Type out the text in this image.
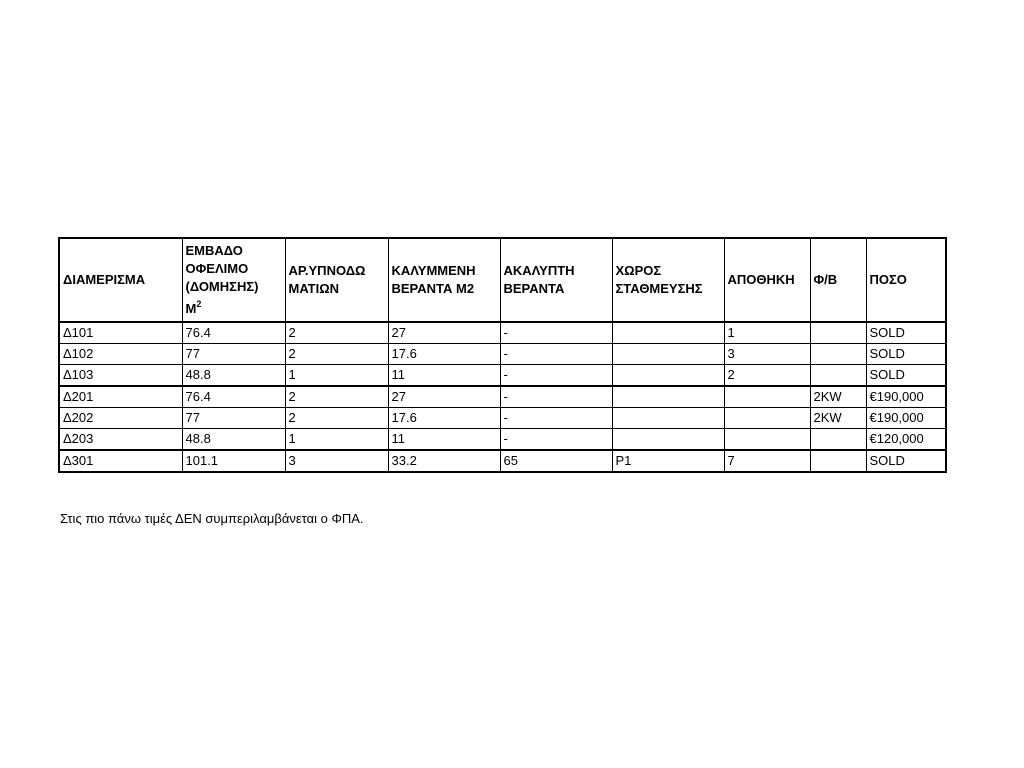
ΔΙΑΜΕΡΙΣΜΑ	ΕΜΒΑΔΟ
ΟΦΕΛΙΜΟ
(ΔΟΜΗΣΗΣ)
$M^2$	ΑΡ.ΥΠΝΟΔΩ
ΜΑΤΙΩΝ	ΚΑΛΥΜΜΕΝΗ
ΒΕΡΑΝΤΑ Μ2	ΑΚΑΛΥΠΤΗ
ΒΕΡΑΝΤΑ	ΧΩΡΟΣ
ΣΤΑΘΜΕΥΣΗΣ	ΑΠΟΘΗΚΗ	Φ/Β	ΠΟΣΟ
Δ101	76.4	2	27	-		1		SOLD
Δ102	77	2	17.6	-		3		SOLD
Δ103	48.8	1	11	-		2		SOLD
Δ201	76.4	2	27	-			2KW	€190,000
Δ202	77	2	17.6	-			2KW	€190,000
Δ203	48.8	1	11	-				€120,000
Δ301	101.1	3	33.2	65	P1	7		SOLD
Στις πιο πάνω τιμές ΔΕΝ συμπεριλαμβάνεται ο ΦΠΑ.
